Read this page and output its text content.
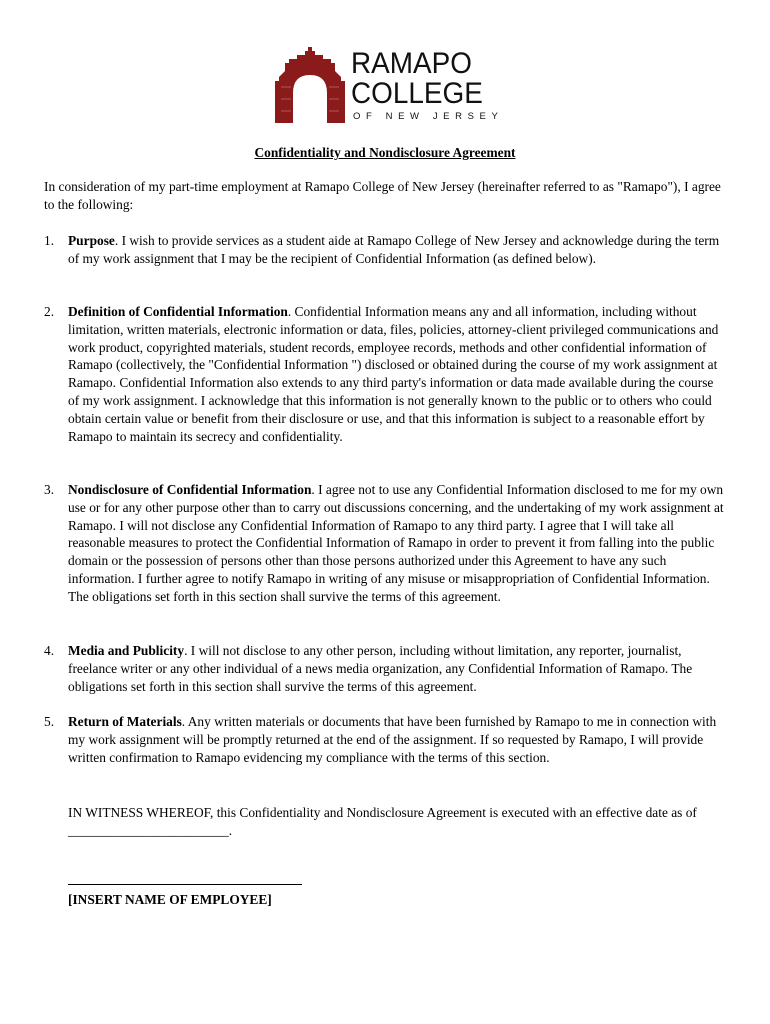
RAMAPO
COLLEGE
OF NEW JERSEY
Confidentiality and Nondisclosure Agreement
In consideration of my part-time employment at Ramapo College of New Jersey (hereinafter referred to as "Ramapo"), I agree to the following:
1. Purpose. I wish to provide services as a student aide at Ramapo College of New Jersey and acknowledge during the term of my work assignment that I may be the recipient of Confidential Information (as defined below).
2. Definition of Confidential Information. Confidential Information means any and all information, including without limitation, written materials, electronic information or data, files, policies, attorney-client privileged communications and work product, copyrighted materials, student records, employee records, methods and other confidential information of Ramapo (collectively, the "Confidential Information ") disclosed or obtained during the course of my work assignment at Ramapo. Confidential Information also extends to any third party's information or data made available during the course of my work assignment. I acknowledge that this information is not generally known to the public or to others who could obtain certain value or benefit from their disclosure or use, and that this information is subject to a reasonable effort by Ramapo to maintain its secrecy and confidentiality.
3. Nondisclosure of Confidential Information. I agree not to use any Confidential Information disclosed to me for my own use or for any other purpose other than to carry out discussions concerning, and the undertaking of my work assignment at Ramapo. I will not disclose any Confidential Information of Ramapo to any third party. I agree that I will take all reasonable measures to protect the Confidential Information of Ramapo in order to prevent it from falling into the public domain or the possession of persons other than those persons authorized under this Agreement to have any such information. I further agree to notify Ramapo in writing of any misuse or misappropriation of Confidential Information. The obligations set forth in this section shall survive the terms of this agreement.
4. Media and Publicity. I will not disclose to any other person, including without limitation, any reporter, journalist, freelance writer or any other individual of a news media organization, any Confidential Information of Ramapo. The obligations set forth in this section shall survive the terms of this agreement.
5. Return of Materials. Any written materials or documents that have been furnished by Ramapo to me in connection with my work assignment will be promptly returned at the end of the assignment. If so requested by Ramapo, I will provide written confirmation to Ramapo evidencing my compliance with the terms of this section.
IN WITNESS WHEREOF, this Confidentiality and Nondisclosure Agreement is executed with an effective date as of ________________________.
[INSERT NAME OF EMPLOYEE]
